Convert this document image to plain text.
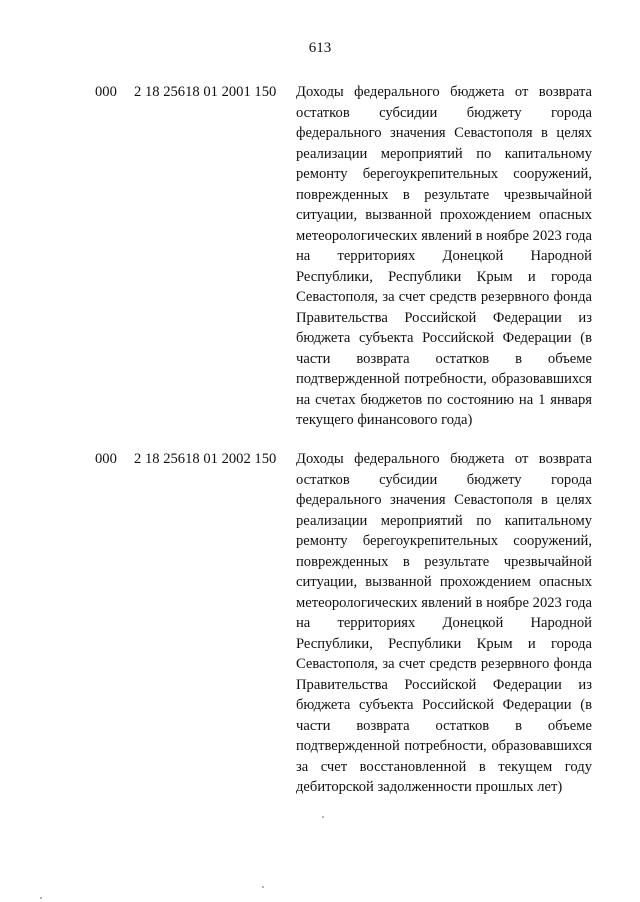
613
000 2 18 25618 01 2001 150 Доходы федерального бюджета от возврата остатков субсидии бюджету города федерального значения Севастополя в целях реализации мероприятий по капитальному ремонту берегоукрепительных сооружений, поврежденных в результате чрезвычайной ситуации, вызванной прохождением опасных метеорологических явлений в ноябре 2023 года на территориях Донецкой Народной Республики, Республики Крым и города Севастополя, за счет средств резервного фонда Правительства Российской Федерации из бюджета субъекта Российской Федерации (в части возврата остатков в объеме подтвержденной потребности, образовавшихся на счетах бюджетов по состоянию на 1 января текущего финансового года)

000 2 18 25618 01 2002 150 Доходы федерального бюджета от возврата остатков субсидии бюджету города федерального значения Севастополя в целях реализации мероприятий по капитальному ремонту берегоукрепительных сооружений, поврежденных в результате чрезвычайной ситуации, вызванной прохождением опасных метеорологических явлений в ноябре 2023 года на территориях Донецкой Народной Республики, Республики Крым и города Севастополя, за счет средств резервного фонда Правительства Российской Федерации из бюджета субъекта Российской Федерации (в части возврата остатков в объеме подтвержденной потребности, образовавшихся за счет восстановленной в текущем году дебиторской задолженности прошлых лет)
